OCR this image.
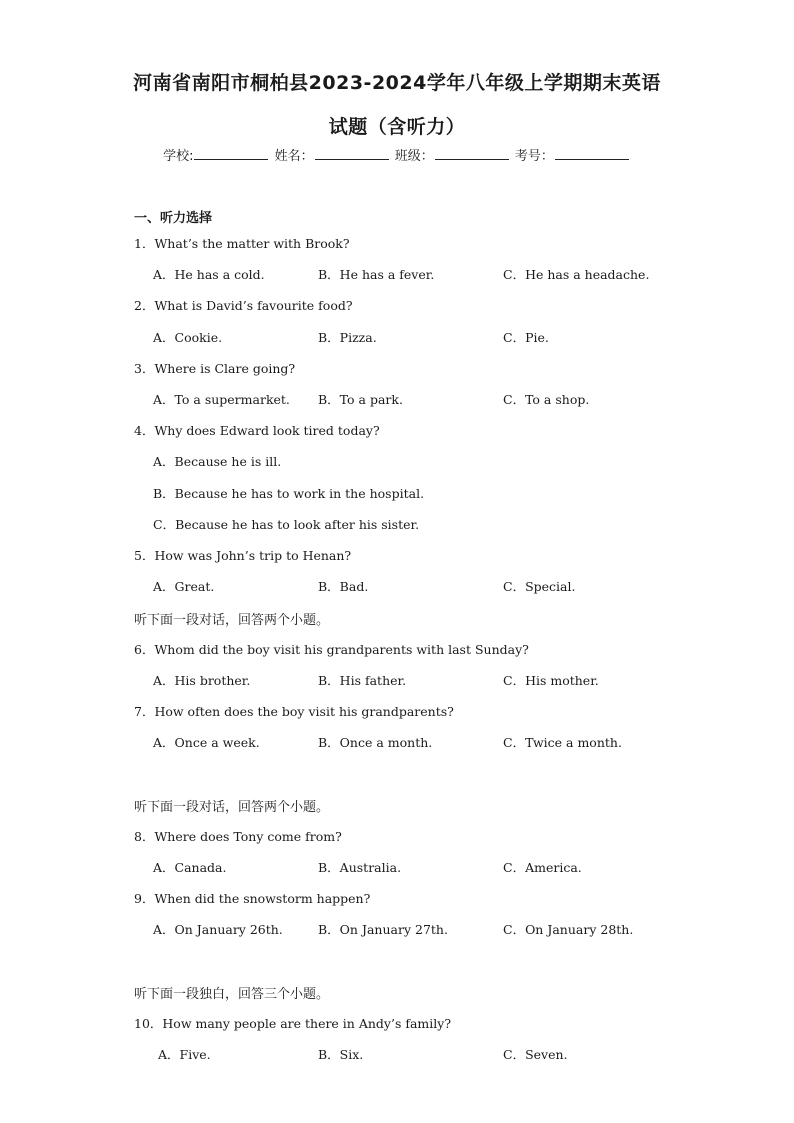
河南省南阳市桐柏县2023-2024学年八年级上学期期末英语
试题（含听力）
学校:	姓名：	班级：	考号：
一、听力选择
1．What’s the matter with Brook?
A．He has a cold.	B．He has a fever.	C．He has a headache.
2．What is David’s favourite food?
A．Cookie.	B．Pizza.	C．Pie.
3．Where is Clare going?
A．To a supermarket. B．To a park.	C．To a shop.
4．Why does Edward look tired today?
A．Because he is ill.
B．Because he has to work in the hospital.
C．Because he has to look after his sister.
5．How was John’s trip to Henan?
A．Great.	B．Bad.	C．Special.
听下面一段对话，回答两个小题。
6．Whom did the boy visit his grandparents with last Sunday?
A．His brother.	B．His father.	C．His mother.
7．How often does the boy visit his grandparents?
A．Once a week.	B．Once a month.	C．Twice a month.
听下面一段对话，回答两个小题。
8．Where does Tony come from?
A．Canada.	B．Australia.	C．America.
9．When did the snowstorm happen?
A．On January 26th.	B．On January 27th.	C．On January 28th.
听下面一段独白，回答三个小题。
10．How many people are there in Andy’s family?
A．Five.	B．Six.	C．Seven.
